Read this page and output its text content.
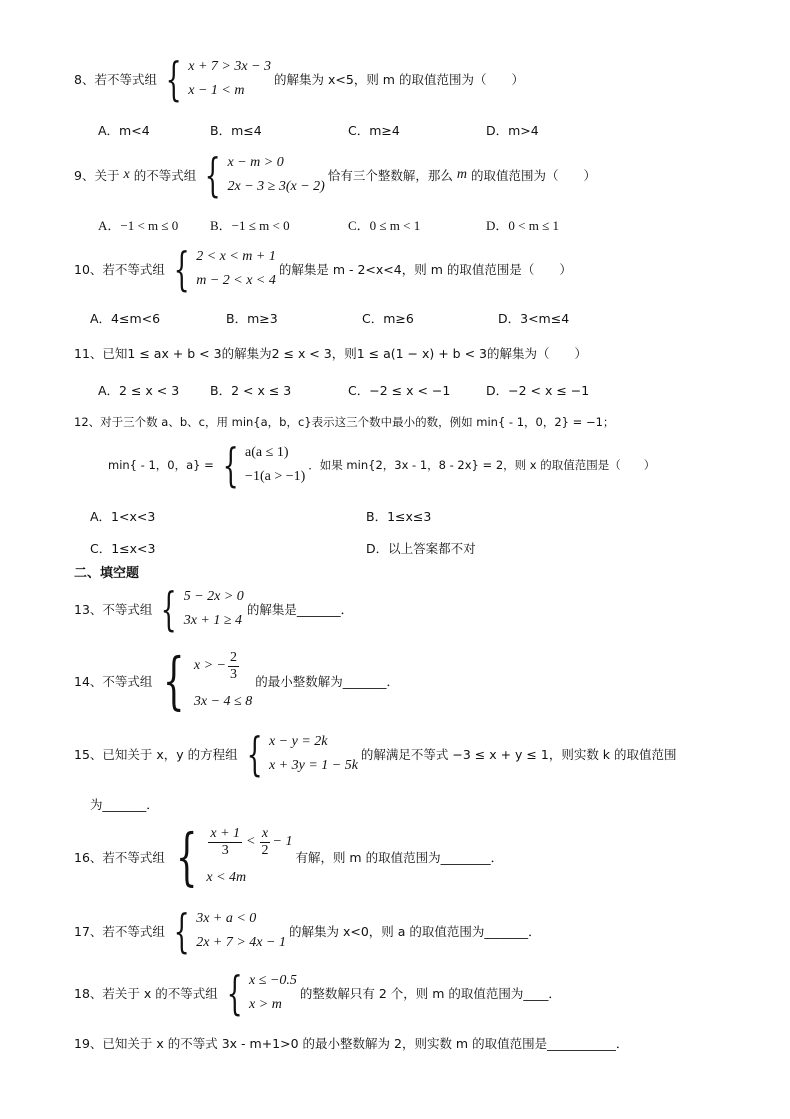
8、 若不等式组 { x + 7 > 3x − 3
x − 1 < m
的解集为 x<5，则 m 的取值范围为（　　）
A．m<4	B．m≤4	C．m≥4	D．m>4
9、 关于 x 的不等式组 { x − m > 0
2x − 3 ≥ 3(x − 2)
恰有三个整数解，那么 m 的取值范围为（　　）
A．−1 < m ≤ 0 B．−1 ≤ m < 0	C．0 ≤ m < 1	D．0 < m ≤ 1
10、 若不等式组 { 2 < x < m + 1
m − 2 < x < 4
的解集是 m - 2<x<4，则 m 的取值范围是（　　）
A．4≤m<6	B．m≥3	C．m≥6	D．3<m≤4
11、已知1 ≤ ax + b < 3的解集为2 ≤ x < 3，则1 ≤ a(1 − x) + b < 3的解集为（　　）
A．2 ≤ x < 3 B．2 < x ≤ 3	C．−2 ≤ x < −1	D．−2 < x ≤ −1
12、对于三个数 a、b、c，用 min{a，b，c}表示这三个数中最小的数，例如 min{ - 1，0，2} = −1；
min{ - 1，0，a} = { a(a ≤ 1)
−1(a > −1)
．如果 min{2，3x - 1，8 - 2x} = 2，则 x 的取值范围是（　　）
A．1<x<3	B．1≤x≤3
C．1≤x<3	D．以上答案都不对
二、填空题
13、 不等式组 { 5 − 2x > 0
3x + 1 ≥ 4
的解集是_______．
14、 不等式组 { x > − $\frac{2}{3}$
3x − 4 ≤ 8
的最小整数解为_______．
15、 已知关于 x，y 的方程组 { x − y = 2k
x + 3y = 1 − 5k
的解满足不等式 −3 ≤ x + y ≤ 1，则实数 k 的取值范围
为_______．
16、 若不等式组 { $\frac{x + 1}{3} < \frac{x}{2} - 1$
x < 4m
有解，则 m 的取值范围为________．
17、 若不等式组 { 3x + a < 0
2x + 7 > 4x − 1
的解集为 x<0，则 a 的取值范围为_______．
18、 若关于 x 的不等式组 { x ≤ −0.5
x > m
的整数解只有 2 个，则 m 的取值范围为____．
19、已知关于 x 的不等式 3x - m+1>0 的最小整数解为 2，则实数 m 的取值范围是___________．
